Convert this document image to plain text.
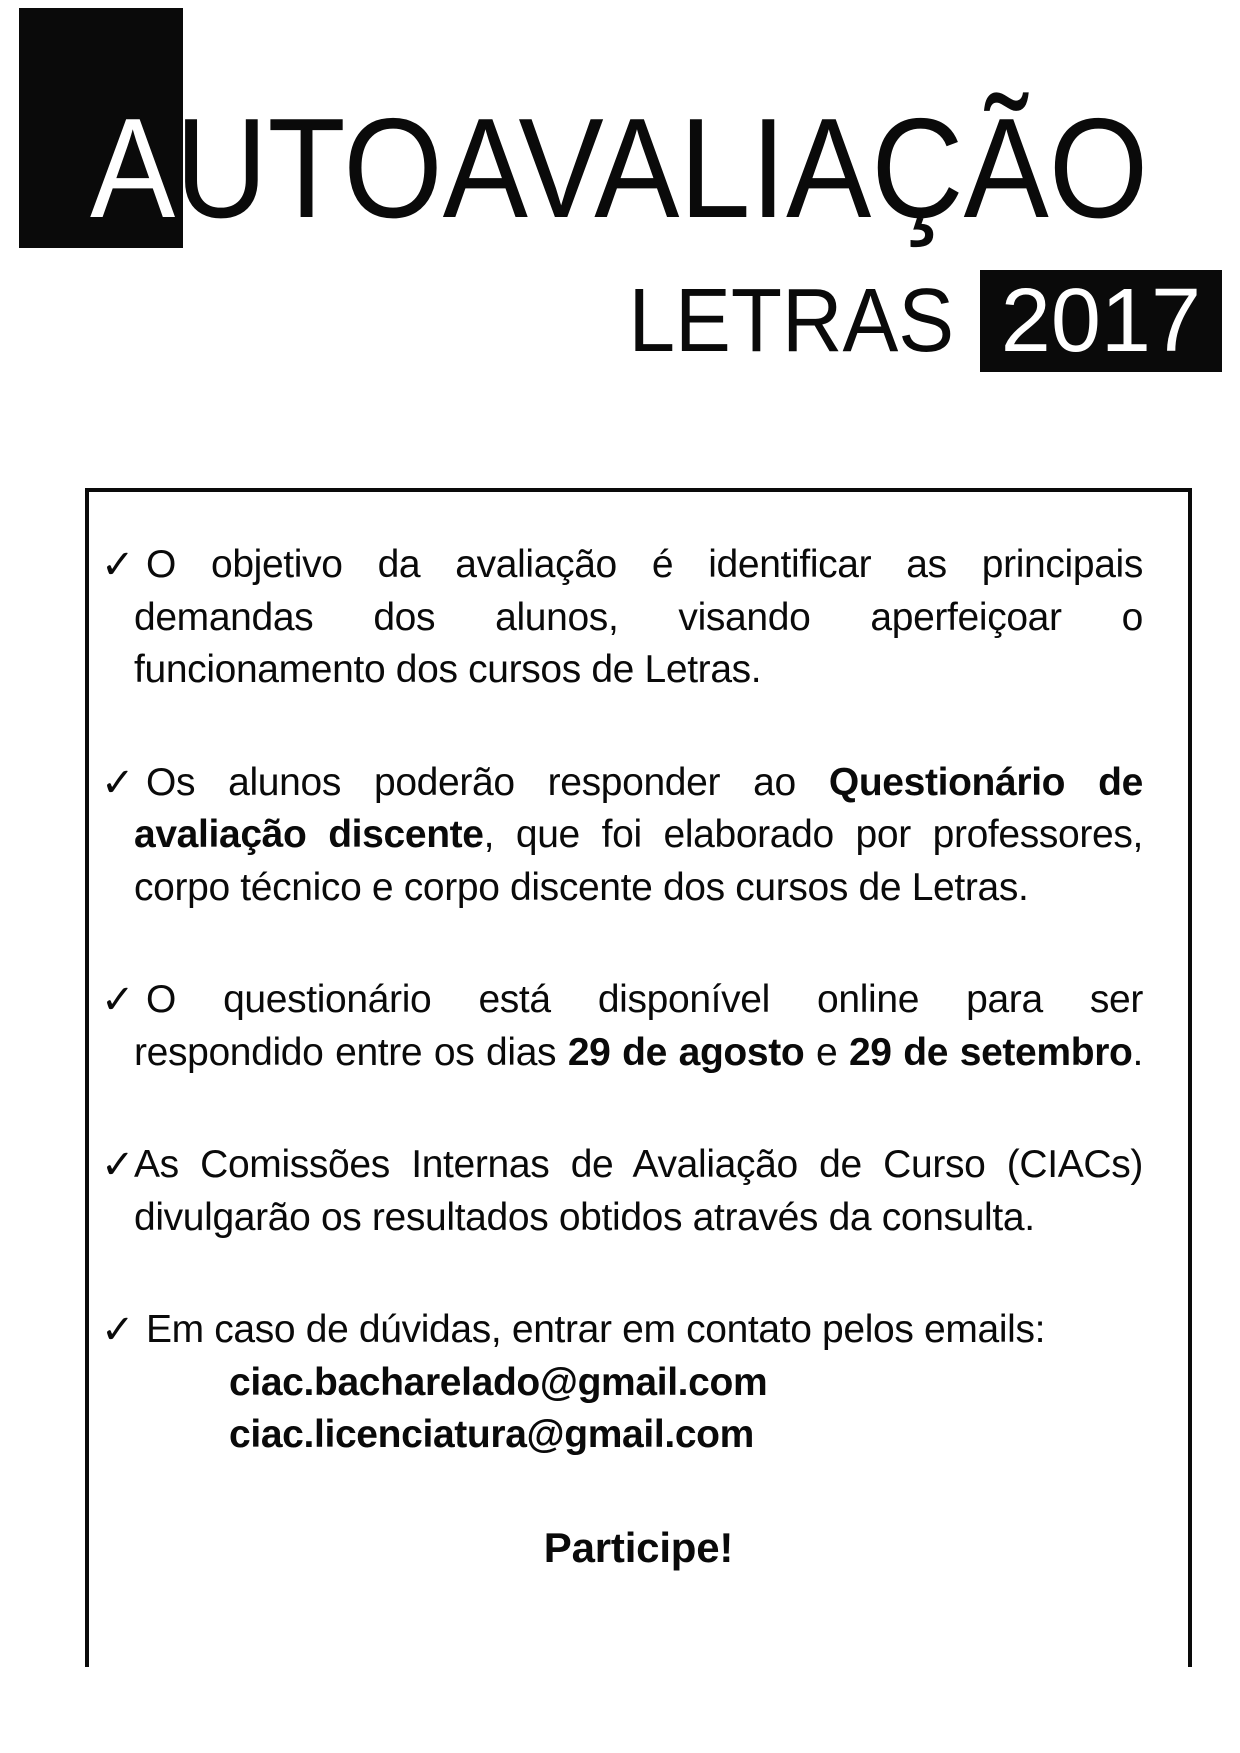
AUTOAVALIAÇÃO
LETRAS 2017
✓ O objetivo da avaliação é identificar as principais
demandas dos alunos, visando aperfeiçoar o
funcionamento dos cursos de Letras.
✓ Os alunos poderão responder ao Questionário de
avaliação discente, que foi elaborado por professores,
corpo técnico e corpo discente dos cursos de Letras.
✓ O questionário está disponível online para ser
respondido entre os dias 29 de agosto e 29 de setembro.
✓ As Comissões Internas de Avaliação de Curso (CIACs)
divulgarão os resultados obtidos através da consulta.
✓ Em caso de dúvidas, entrar em contato pelos emails:
ciac.bacharelado@gmail.com
ciac.licenciatura@gmail.com
Participe!
